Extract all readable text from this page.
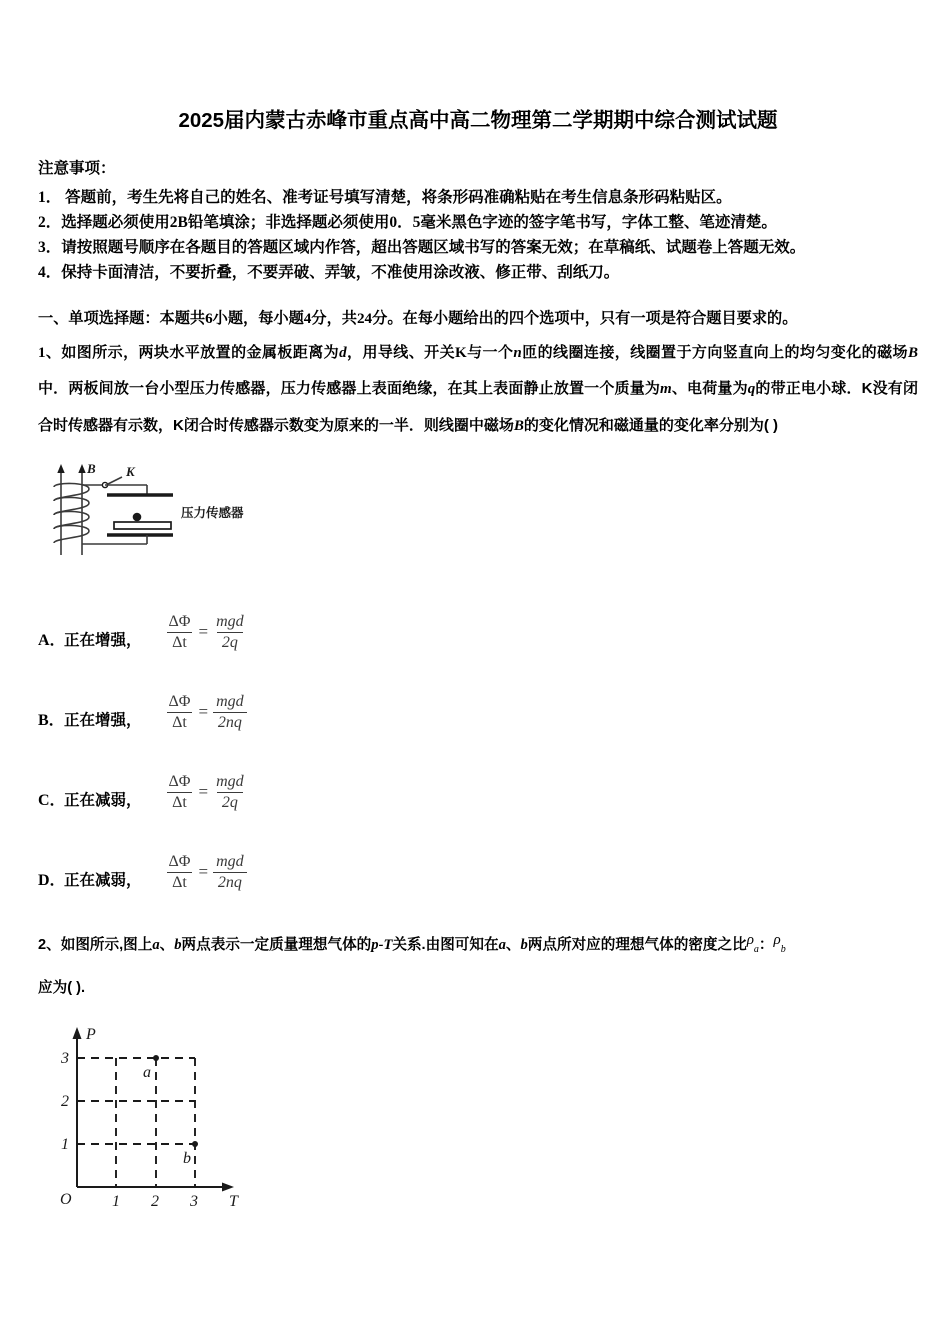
2025届内蒙古赤峰市重点高中高二物理第二学期期中综合测试试题
注意事项：
1． 答题前，考生先将自己的姓名、准考证号填写清楚，将条形码准确粘贴在考生信息条形码粘贴区。
2．选择题必须使用2B铅笔填涂；非选择题必须使用0．5毫米黑色字迹的签字笔书写，字体工整、笔迹清楚。
3．请按照题号顺序在各题目的答题区域内作答，超出答题区域书写的答案无效；在草稿纸、试题卷上答题无效。
4．保持卡面清洁，不要折叠，不要弄破、弄皱，不准使用涂改液、修正带、刮纸刀。
一、单项选择题：本题共6小题，每小题4分，共24分。在每小题给出的四个选项中，只有一项是符合题目要求的。
1、如图所示，两块水平放置的金属板距离为d，用导线、开关K与一个n匝的线圈连接，线圈置于方向竖直向上的均匀变化的磁场B中．两板间放一台小型压力传感器，压力传感器上表面绝缘，在其上表面静止放置一个质量为m、电荷量为q的带正电小球．K没有闭合时传感器有示数，K闭合时传感器示数变为原来的一半．则线圈中磁场B的变化情况和磁通量的变化率分别为( )
B K
压力传感器
A．
正在增强， $\frac{\Delta\Phi}{\Delta t} = \frac{\text{mgd}}{2q}$
B． 正在增强， $\frac{\Delta\Phi}{\Delta t} = \frac{\text{mgd}}{2nq}$
C．
正在减弱， $\frac{\Delta\Phi}{\Delta t} = \frac{\text{mgd}}{2q}$
D．
正在减弱， $\frac{\Delta\Phi}{\Delta t} = \frac{\text{mgd}}{2nq}$
2、如图所示,图上a、b两点表示一定质量理想气体的p-T关系.由图可知在a、b两点所对应的理想气体的密度之比$\rho_a$：$\rho_b$
应为( ).
P
T
O
3
2
1
1 2 3
a
b
